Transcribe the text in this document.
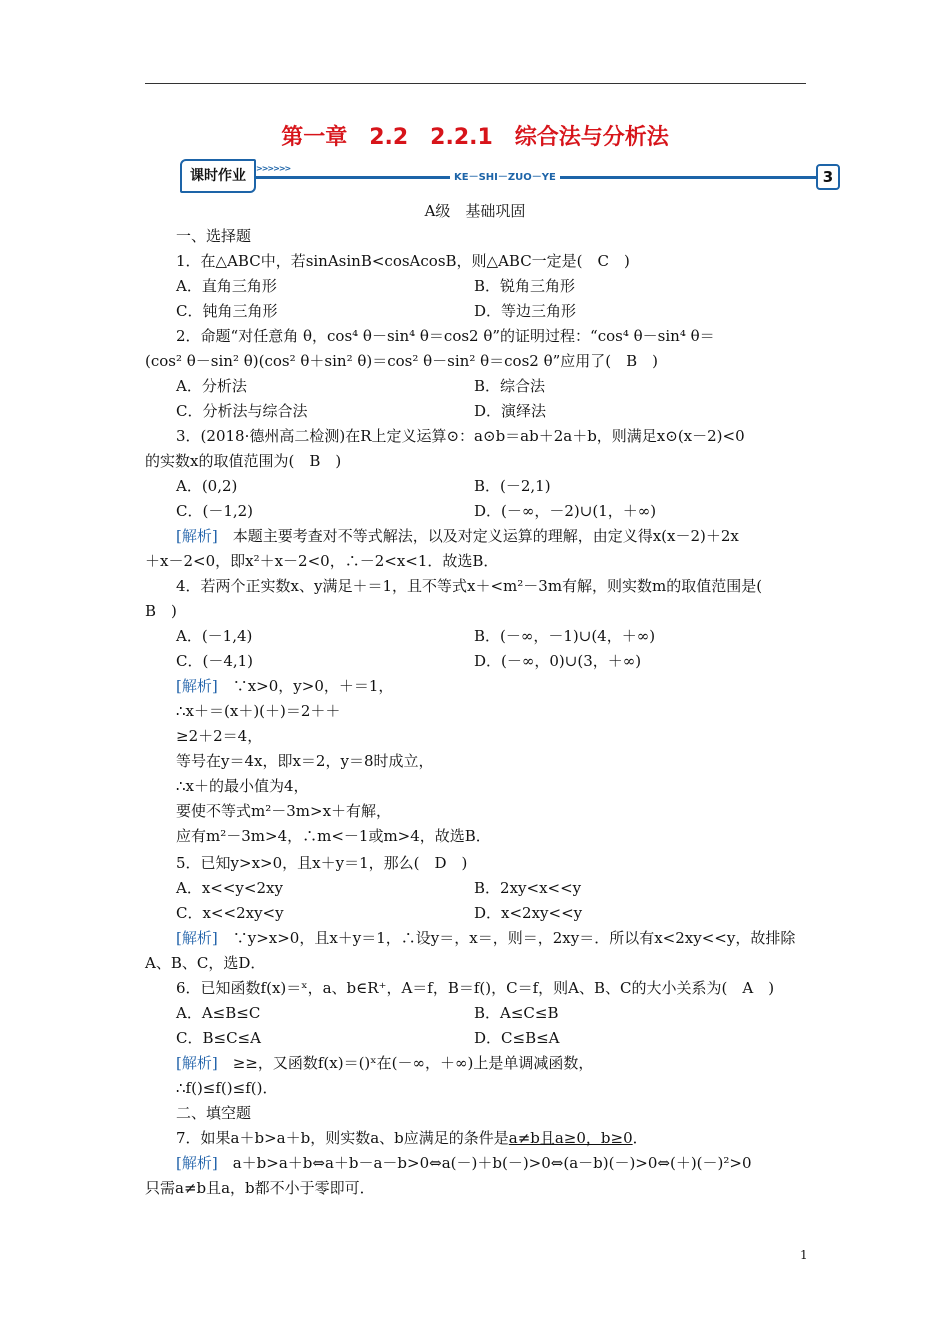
第一章　2.2　2.2.1　综合法与分析法
课时作业	>>>>>>
KE－SHI－ZUO－YE	3
A级　基础巩固
一、选择题
1．在△ABC中，若sinAsinB<cosAcosB，则△ABC一定是(　C　)
A．直角三角形	B．锐角三角形
C．钝角三角形	D．等边三角形
2．命题“对任意角 θ，cos⁴ θ－sin⁴ θ＝cos2 θ”的证明过程：“cos⁴ θ－sin⁴ θ＝
(cos² θ－sin² θ)(cos² θ＋sin² θ)＝cos² θ－sin² θ＝cos2 θ”应用了(　B　)
A．分析法	B．综合法
C．分析法与综合法	D．演绎法
3．(2018·德州高二检测)在R上定义运算⊙：a⊙b＝ab＋2a＋b，则满足x⊙(x－2)<0
的实数x的取值范围为(　B　)
A．(0,2)	B．(－2,1)
C．(－1,2)	D．(－∞，－2)∪(1，＋∞)
[解析]　本题主要考查对不等式解法，以及对定义运算的理解，由定义得x(x－2)＋2x
＋x－2<0，即x²＋x－2<0，∴－2<x<1．故选B．
4．若两个正实数x、y满足＋＝1，且不等式x＋<m²－3m有解，则实数m的取值范围是(
B　)
A．(－1,4)	B．(－∞，－1)∪(4，＋∞)
C．(－4,1)	D．(－∞，0)∪(3，＋∞)
[解析]　∵x>0，y>0，＋＝1，
∴x＋＝(x＋)(＋)＝2＋＋
≥2＋2＝4，
等号在y＝4x，即x＝2，y＝8时成立，
∴x＋的最小值为4，
要使不等式m²－3m>x＋有解，
应有m²－3m>4，∴m<－1或m>4，故选B．
5．已知y>x>0，且x＋y＝1，那么(　D　)
A．x<<y<2xy	B．2xy<x<<y
C．x<<2xy<y	D．x<2xy<<y
[解析]　∵y>x>0，且x＋y＝1，∴设y＝，x＝，则＝，2xy＝．所以有x<2xy<<y，故排除
A、B、C，选D．
6．已知函数f(x)＝ˣ，a、b∈R⁺，A＝f，B＝f()，C＝f，则A、B、C的大小关系为(　A　)
A．A≤B≤C	B．A≤C≤B
C．B≤C≤A	D．C≤B≤A
[解析]　≥≥，又函数f(x)＝()ˣ在(－∞，＋∞)上是单调减函数，
∴f()≤f()≤f()．
二、填空题
7．如果a＋b>a＋b，则实数a、b应满足的条件是a≠b且a≥0，b≥0．
[解析]　a＋b>a＋b⇔a＋b－a－b>0⇔a(－)＋b(－)>0⇔(a－b)(－)>0⇔(＋)(－)²>0
只需a≠b且a，b都不小于零即可．
1
